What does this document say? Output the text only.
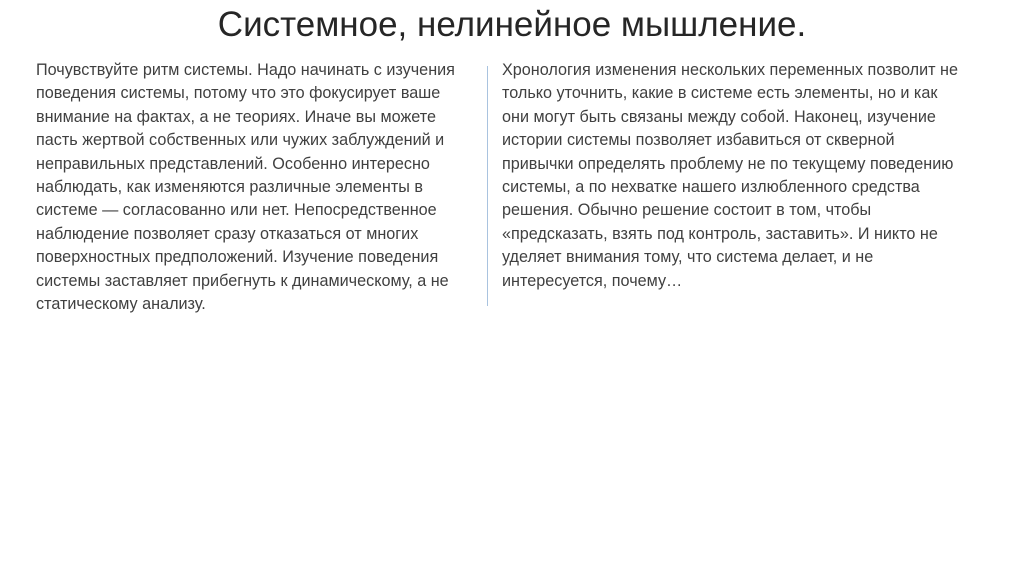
Системное, нелинейное мышление.

Почувствуйте ритм системы. Надо начинать с изучения поведения системы, потому что это фокусирует ваше внимание на фактах, а не теориях. Иначе вы можете пасть жертвой собственных или чужих заблуждений и неправильных представлений. Особенно интересно наблюдать, как изменяются различные элементы в системе — согласованно или нет. Непосредственное наблюдение позволяет сразу отказаться от многих поверхностных предположений. Изучение поведения системы заставляет прибегнуть к динамическому, а не статическому анализу.

Хронология изменения нескольких переменных позволит не только уточнить, какие в системе есть элементы, но и как они могут быть связаны между собой. Наконец, изучение истории системы позволяет избавиться от скверной привычки определять проблему не по текущему поведению системы, а по нехватке нашего излюбленного средства решения. Обычно решение состоит в том, чтобы «предсказать, взять под контроль, заставить». И никто не уделяет внимания тому, что система делает, и не интересуется, почему…
